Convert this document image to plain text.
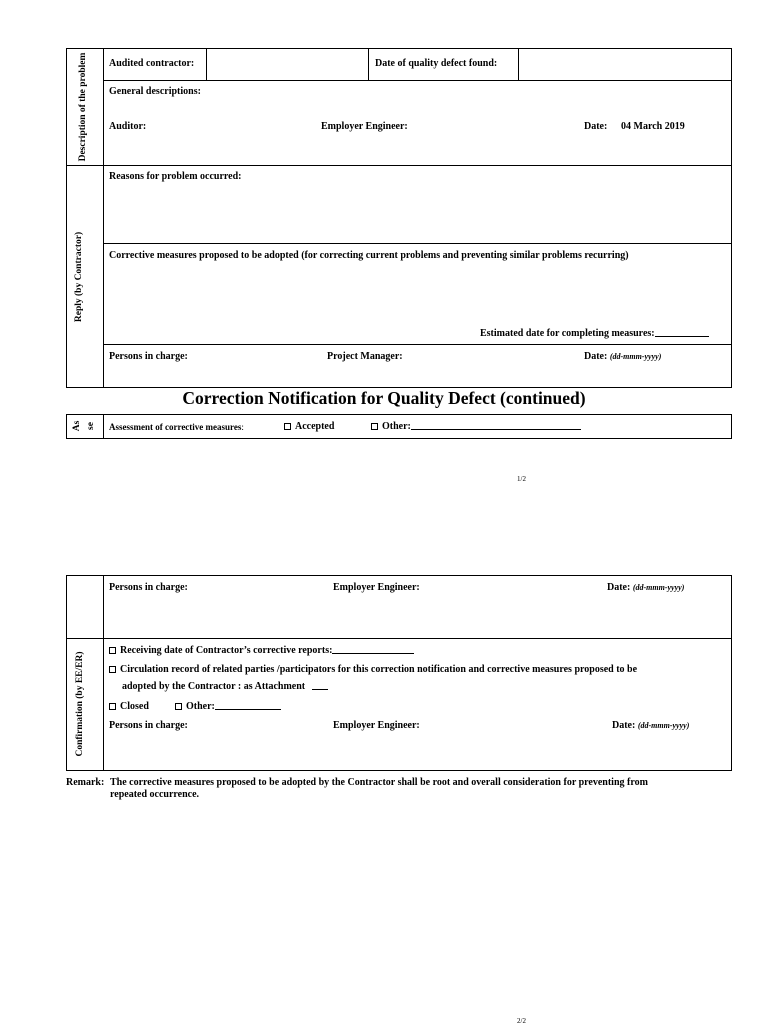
Description of the problem
Reply (by Contractor)
Audited contractor:	Date of quality defect found:
General descriptions:
Auditor:	Employer Engineer:	Date: 04 March 2019
Reasons for problem occurred:
Corrective measures proposed to be adopted (for correcting current problems and preventing similar problems recurring)
Estimated date for completing measures:
Persons in charge:	Project Manager:	Date: (dd-mmm-yyyy)
Correction Notification for Quality Defect (continued)
As se Assessment of corrective measures:	Accepted	Other:
1/2
Persons in charge:	Employer Engineer:	Date: (dd-mmm-yyyy)
Confirmation (by EE/ER)
Receiving date of Contractor’s corrective reports:
Circulation record of related parties /participators for this correction notification and corrective measures proposed to be
adopted by the Contractor : as Attachment
Closed	Other:
Persons in charge:	Employer Engineer:	Date: (dd-mmm-yyyy)
Remark: The corrective measures proposed to be adopted by the Contractor shall be root and overall consideration for preventing from
repeated occurrence.
2/2
